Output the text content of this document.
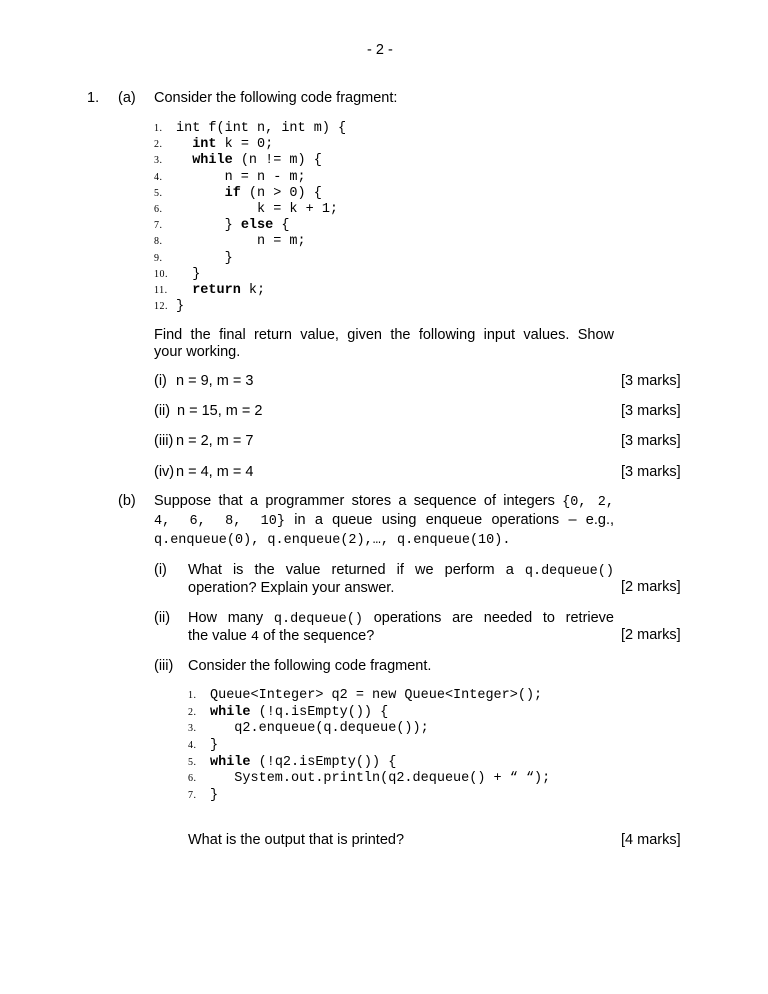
- 2 -
1. (a) Consider the following code fragment:
1. int f(int n, int m) {
2. int k = 0;
3. while (n != m) {
4.      n = n - m;
5.	if (n > 0) {
6.          k = k + 1;
7.      } else {
8.          n = m;
9.      }
10.  }
11. return k;
12. }
Find the final return value, given the following input values. Show
your working.
(i) n = 9, m = 3	[3 marks]
(ii) n = 15, m = 2	[3 marks]
(iii) n = 2, m = 7	[3 marks]
(iv) n = 4, m = 4	[3 marks]
(b) Suppose that a programmer stores a sequence of integers {0, 2,
4, 6, 8, 10} in a queue using enqueue operations – e.g.,
q.enqueue(0), q.enqueue(2),…, q.enqueue(10).
(i) What is the value returned if we perform a q.dequeue()
operation? Explain your answer.	[2 marks]
(ii) How many q.dequeue() operations are needed to retrieve
the value 4 of the sequence?	[2 marks]
(iii) Consider the following code fragment.
1. Queue<Integer> q2 = new Queue<Integer>();
2. while (!q.isEmpty()) {
3.   q2.enqueue(q.dequeue());
4. }
5. while (!q2.isEmpty()) {
6.   System.out.println(q2.dequeue() + “ “);
7. }
What is the output that is printed?	[4 marks]
